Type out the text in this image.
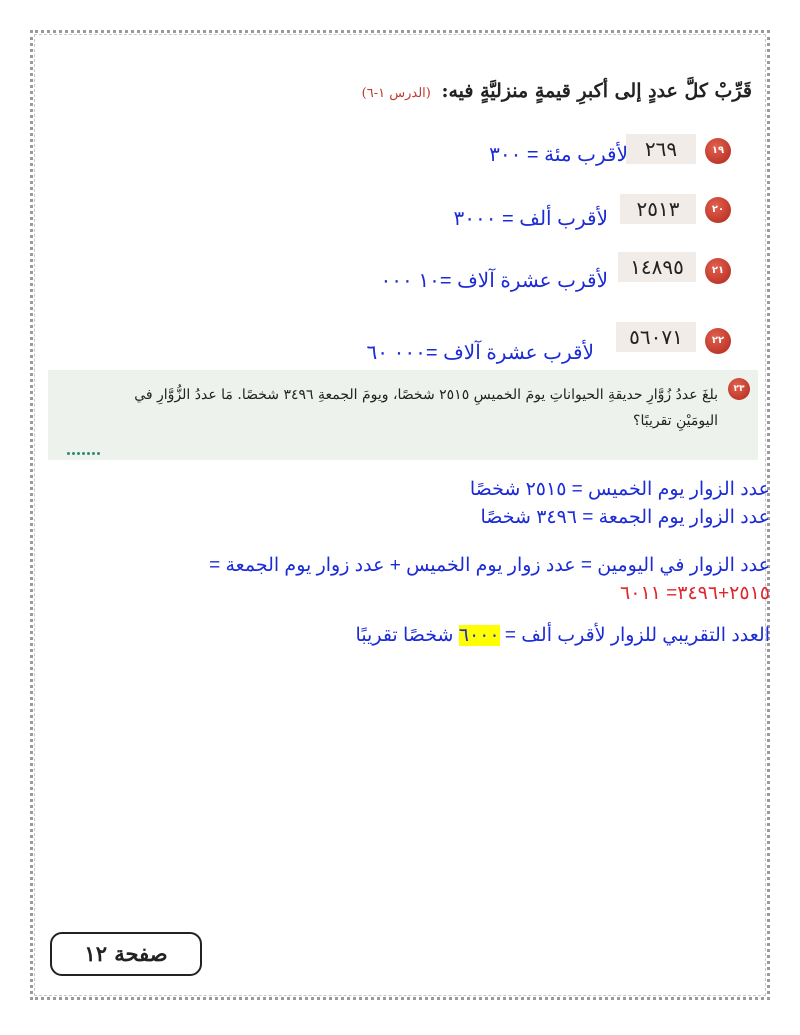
قَرِّبْ كلَّ عددٍ إلى أكبرِ قيمةٍ منزليَّةٍ فيه: (الدرس ١-٦)
١٩
٢٦٩
لأقرب مئة = ٣٠٠
٢٠
٢٥١٣
لأقرب ألف = ٣٠٠٠
٢١
١٤٨٩٥
لأقرب عشرة آلاف =١٠ ٠٠٠
٢٢
٥٦٠٧١
لأقرب عشرة آلاف =٠٠٠ ٦٠
٢٣
بلغَ عددُ زُوَّارِ حديقةِ الحيواناتِ يومَ الخميسِ ٢٥١٥ شخصًا، ويومَ الجمعةِ ٣٤٩٦ شخصًا. مَا عددُ الزُّوَّارِ في اليومَيْنِ تقريبًا؟
عدد الزوار يوم الخميس = ٢٥١٥ شخصًا
عدد الزوار يوم الجمعة = ٣٤٩٦ شخصًا
عدد الزوار في اليومين = عدد زوار يوم الخميس + عدد زوار يوم الجمعة =
٢٥١٥+٣٤٩٦= ٦٠١١
العدد التقريبي للزوار لأقرب ألف = ٦٠٠٠ شخصًا تقريبًا
صفحة ١٢
